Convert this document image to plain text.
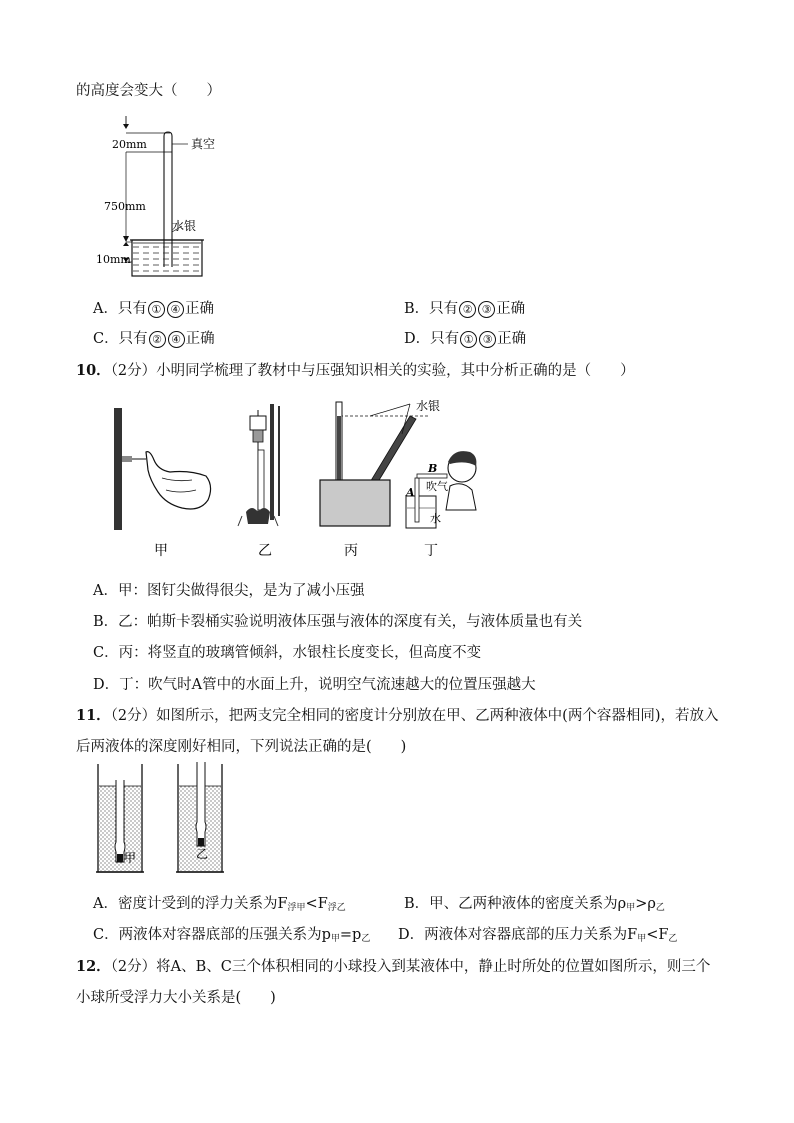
的高度会变大（　　）
20mm	真空
750mm
水银
10mm
A．只有 ① ④ 正确	B．只有 ② ③ 正确
C．只有 ② ④ 正确	D．只有 ① ③ 正确
10．（2分）小明同学梳理了教材中与压强知识相关的实验，其中分析正确的是（　　）
水银
B
A 吹气
水
甲	乙	丙	丁
A．甲：图钉尖做得很尖，是为了减小压强
B．乙：帕斯卡裂桶实验说明液体压强与液体的深度有关，与液体质量也有关
C．丙：将竖直的玻璃管倾斜，水银柱长度变长，但高度不变
D．丁：吹气时A管中的水面上升，说明空气流速越大的位置压强越大
11．（2分）如图所示，把两支完全相同的密度计分别放在甲、乙两种液体中(两个容器相同)，若放入
后两液体的深度刚好相同，下列说法正确的是(　　)
甲	乙
A．密度计受到的浮力关系为$F_{浮甲}<F_{浮乙}$	B．甲、乙两种液体的密度关系为$\rho_甲>\rho_乙$
C．两液体对容器底部的压强关系为$p_甲=p_乙$ D．两液体对容器底部的压力关系为$F_甲<F_乙$
12．（2分）将A、B、C三个体积相同的小球投入到某液体中，静止时所处的位置如图所示，则三个
小球所受浮力大小关系是(　　)
